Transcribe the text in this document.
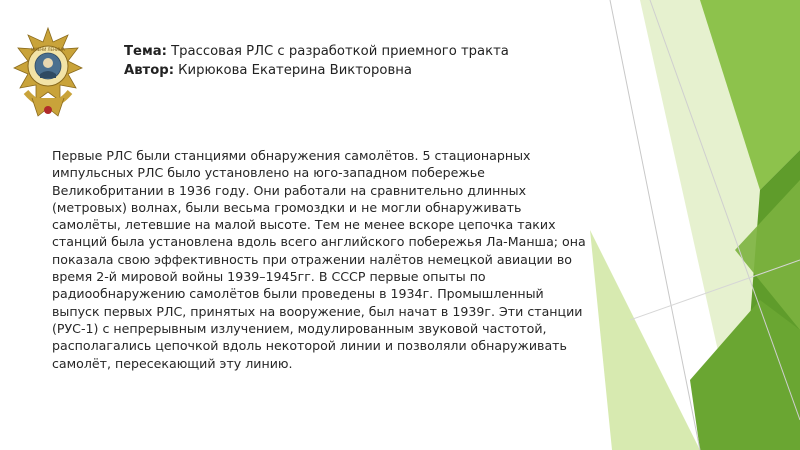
ИМЕНИ ЛЕНИНА	Тема: Трассовая РЛС с разработкой приемного тракта
Автор: Кирюкова Екатерина Викторовна
Первые РЛС были станциями обнаружения самолётов. 5 стационарных
импульсных РЛС было установлено на юго-западном побережье
Великобритании в 1936 году. Они работали на сравнительно длинных
(метровых) волнах, были весьма громоздки и не могли обнаруживать
самолёты, летевшие на малой высоте. Тем не менее вскоре цепочка таких
станций была установлена вдоль всего английского побережья Ла-Манша; она
показала свою эффективность при отражении налётов немецкой авиации во
время 2-й мировой войны 1939–1945гг. В СССР первые опыты по
радиообнаружению самолётов были проведены в 1934г. Промышленный
выпуск первых РЛС, принятых на вооружение, был начат в 1939г. Эти станции
(РУС-1) с непрерывным излучением, модулированным звуковой частотой,
располагались цепочкой вдоль некоторой линии и позволяли обнаруживать
самолёт, пересекающий эту линию.
